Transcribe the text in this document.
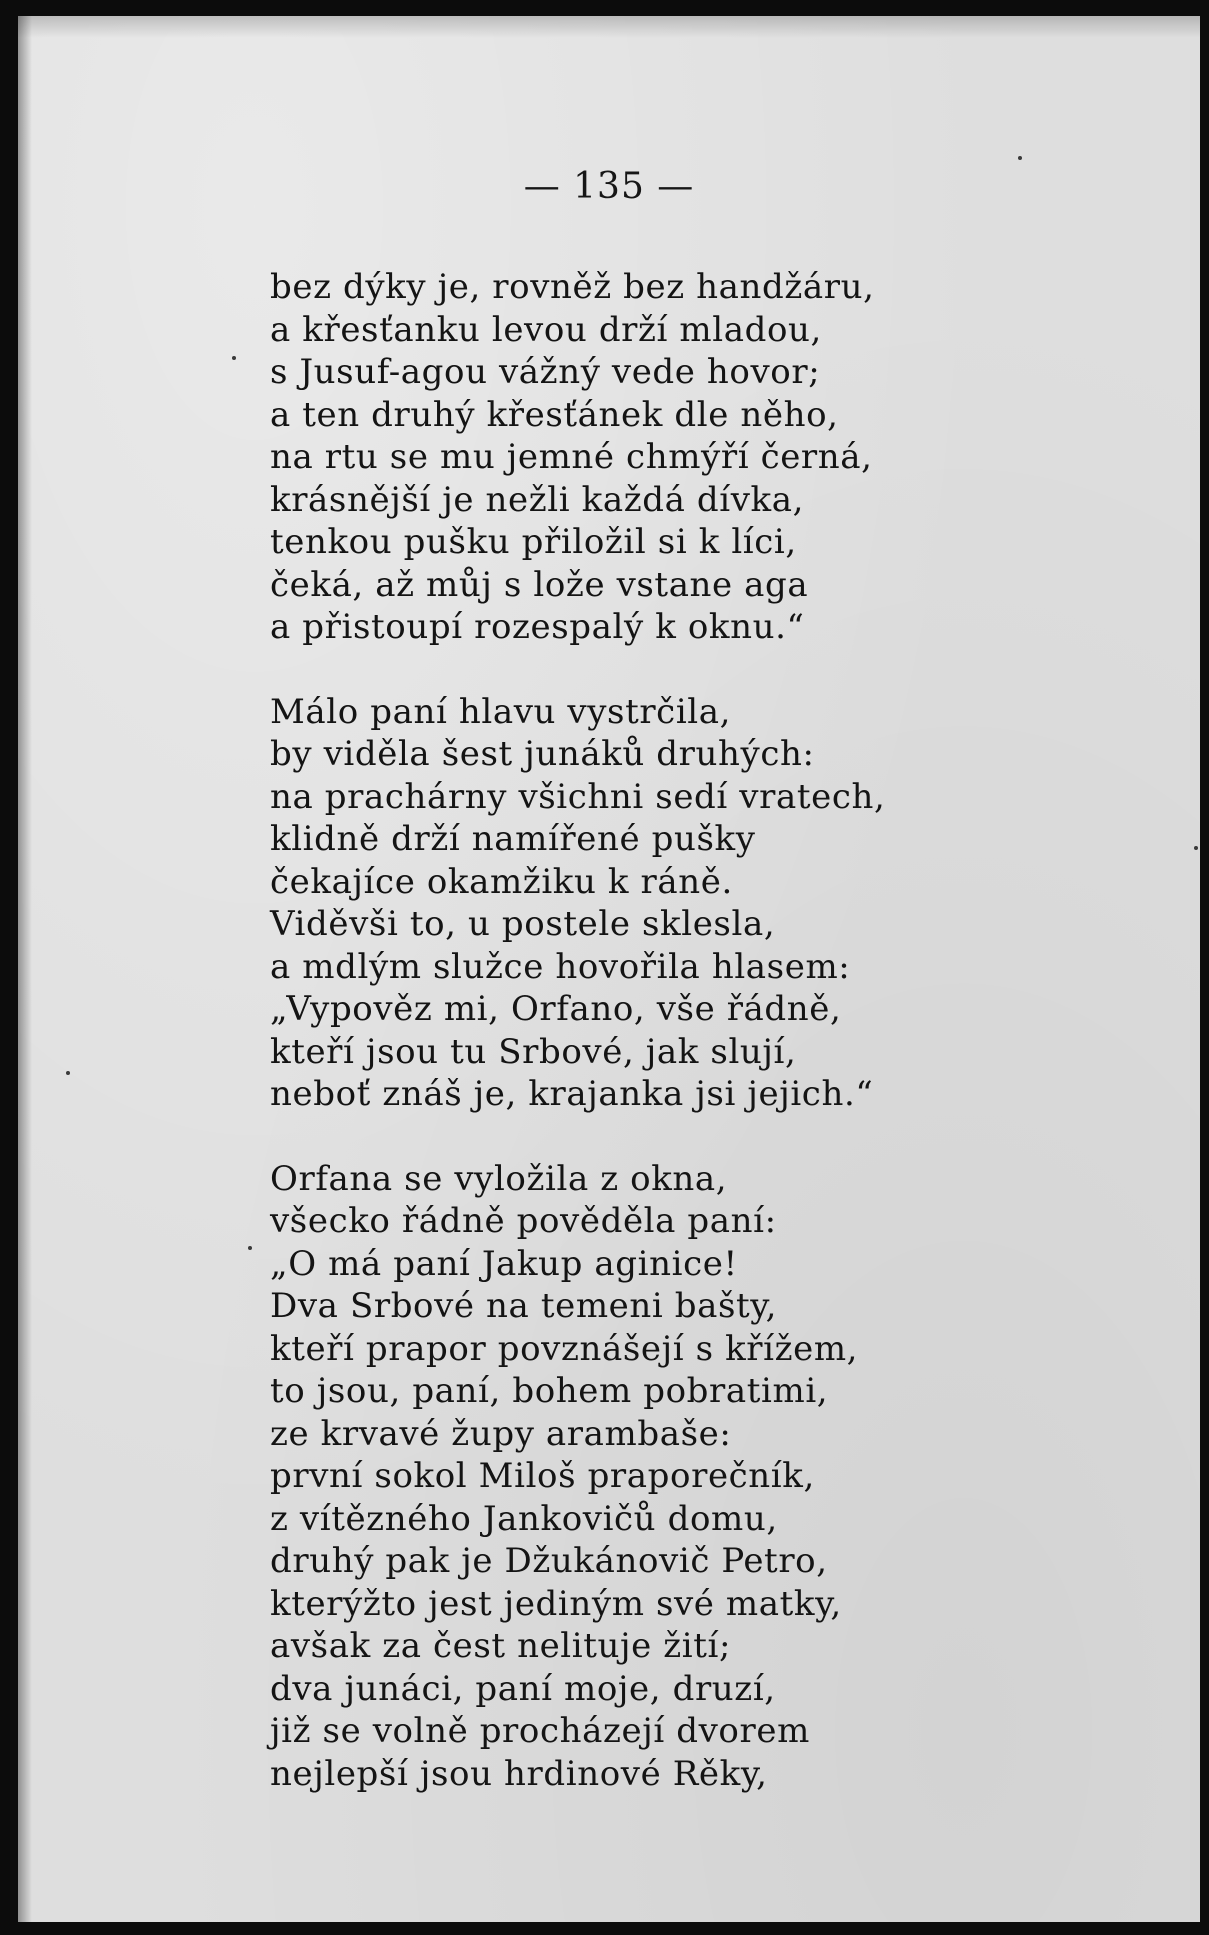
— 135 —
bez dýky je, rovněž bez handžáru,
a křesťanku levou drží mladou,
s Jusuf-agou vážný vede hovor;
a ten druhý křesťánek dle něho,
na rtu se mu jemné chmýří černá,
krásnější je nežli každá dívka,
tenkou pušku přiložil si k líci,
čeká, až můj s lože vstane aga
a přistoupí rozespalý k oknu.“
Málo paní hlavu vystrčila,
by viděla šest junáků druhých:
na prachárny všichni sedí vratech,
klidně drží namířené pušky
čekajíce okamžiku k ráně.
Viděvši to, u postele sklesla,
a mdlým služce hovořila hlasem:
„Vypověz mi, Orfano, vše řádně,
kteří jsou tu Srbové, jak slují,
neboť znáš je, krajanka jsi jejich.“
Orfana se vyložila z okna,
všecko řádně pověděla paní:
„O má paní Jakup aginice!
Dva Srbové na temeni bašty,
kteří prapor povznášejí s křížem,
to jsou, paní, bohem pobratimi,
ze krvavé župy arambaše:
první sokol Miloš praporečník,
z vítězného Jankovičů domu,
druhý pak je Džukánovič Petro,
kterýžto jest jediným své matky,
avšak za čest nelituje žití;
dva junáci, paní moje, druzí,
již se volně procházejí dvorem
nejlepší jsou hrdinové Rěky,
